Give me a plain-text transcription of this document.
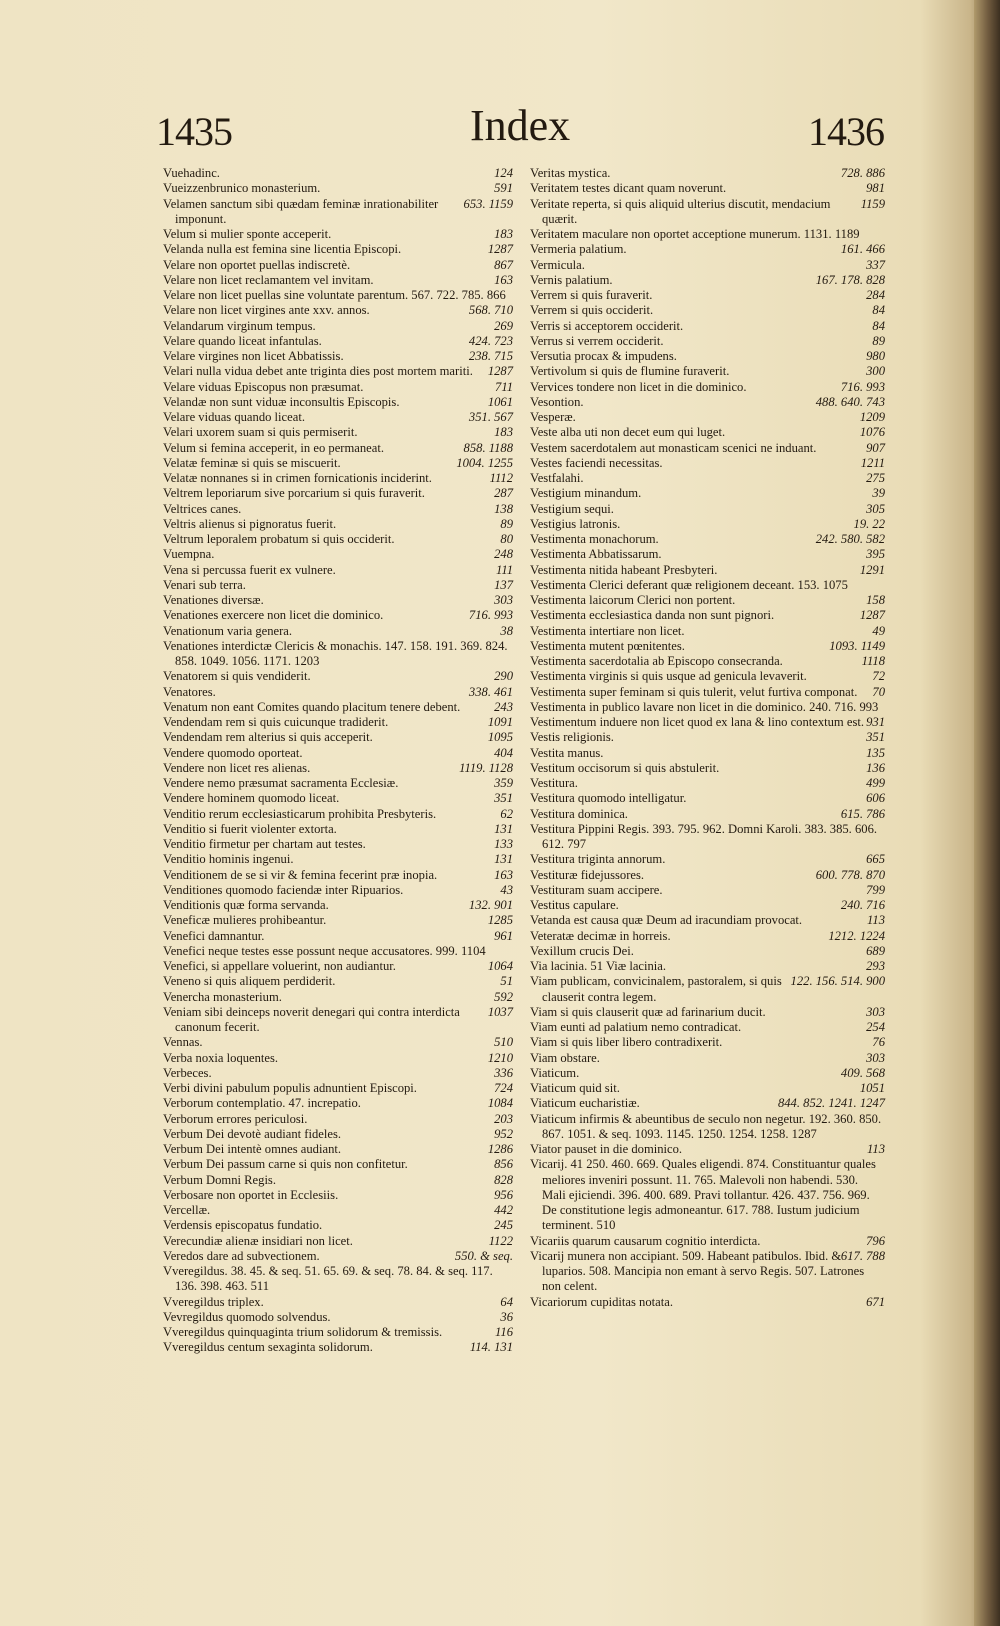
1435	Index	1436
124
Vuehadinc.
591
Vueizzenbrunico monasterium.
653. 1159
Velamen sanctum sibi quædam feminæ inrationabiliter imponunt.
183
Velum si mulier sponte acceperit.
1287
Velanda nulla est femina sine licentia Episcopi.
867
Velare non oportet puellas indiscretè.
163
Velare non licet reclamantem vel invitam.
Velare non licet puellas sine voluntate parentum. 567. 722. 785. 866
568. 710
Velare non licet virgines ante xxv. annos.
269
Velandarum virginum tempus.
424. 723
Velare quando liceat infantulas.
238. 715
Velare virgines non licet Abbatissis.
1287
Velari nulla vidua debet ante triginta dies post mortem mariti.
711
Velare viduas Episcopus non præsumat.
1061
Velandæ non sunt viduæ inconsultis Episcopis.
351. 567
Velare viduas quando liceat.
183
Velari uxorem suam si quis permiserit.
858. 1188
Velum si femina acceperit, in eo permaneat.
1004. 1255
Velatæ feminæ si quis se miscuerit.
1112
Velatæ nonnanes si in crimen fornicationis inciderint.
287
Veltrem leporiarum sive porcarium si quis furaverit.
138
Veltrices canes.
89
Veltris alienus si pignoratus fuerit.
80
Veltrum leporalem probatum si quis occiderit.
248
Vuempna.
111
Vena si percussa fuerit ex vulnere.
137
Venari sub terra.
303
Venationes diversæ.
716. 993
Venationes exercere non licet die dominico.
38
Venationum varia genera.
Venationes interdictæ Clericis & monachis. 147. 158. 191. 369. 824. 858. 1049. 1056. 1171. 1203
290
Venatorem si quis vendiderit.
338. 461
Venatores.
243
Venatum non eant Comites quando placitum tenere debent.
1091
Vendendam rem si quis cuicunque tradiderit.
1095
Vendendam rem alterius si quis acceperit.
404
Vendere quomodo oporteat.
1119. 1128
Vendere non licet res alienas.
359
Vendere nemo præsumat sacramenta Ecclesiæ.
351
Vendere hominem quomodo liceat.
62
Venditio rerum ecclesiasticarum prohibita Presbyteris.
131
Venditio si fuerit violenter extorta.
133
Venditio firmetur per chartam aut testes.
131
Venditio hominis ingenui.
163
Venditionem de se si vir & femina fecerint præ inopia.
43
Venditiones quomodo faciendæ inter Ripuarios.
132. 901
Venditionis quæ forma servanda.
1285
Veneficæ mulieres prohibeantur.
961
Venefici damnantur.
Venefici neque testes esse possunt neque accusatores. 999. 1104
1064
Venefici, si appellare voluerint, non audiantur.
51
Veneno si quis aliquem perdiderit.
592
Venercha monasterium.
1037
Veniam sibi deinceps noverit denegari qui contra interdicta canonum fecerit.
510
Vennas.
1210
Verba noxia loquentes.
336
Verbeces.
724
Verbi divini pabulum populis adnuntient Episcopi.
1084
Verborum contemplatio. 47. increpatio.
203
Verborum errores periculosi.
952
Verbum Dei devotè audiant fideles.
1286
Verbum Dei intentè omnes audiant.
856
Verbum Dei passum carne si quis non confitetur.
828
Verbum Domni Regis.
956
Verbosare non oportet in Ecclesiis.
442
Vercellæ.
245
Verdensis episcopatus fundatio.
1122
Verecundiæ alienæ insidiari non licet.
550. & seq.
Veredos dare ad subvectionem.
Vveregildus. 38. 45. & seq. 51. 65. 69. & seq. 78. 84. & seq. 117. 136. 398. 463. 511
64
Vveregildus triplex.
36
Vevregildus quomodo solvendus.
116
Vveregildus quinquaginta trium solidorum & tremissis.
114. 131
Vveregildus centum sexaginta solidorum.
728. 886
Veritas mystica.
981
Veritatem testes dicant quam noverunt.
1159
Veritate reperta, si quis aliquid ulterius discutit, mendacium quærit.
Veritatem maculare non oportet acceptione munerum. 1131. 1189
161. 466
Vermeria palatium.
337
Vermicula.
167. 178. 828
Vernis palatium.
284
Verrem si quis furaverit.
84
Verrem si quis occiderit.
84
Verris si acceptorem occiderit.
89
Verrus si verrem occiderit.
980
Versutia procax & impudens.
300
Vertivolum si quis de flumine furaverit.
716. 993
Vervices tondere non licet in die dominico.
488. 640. 743
Vesontion.
1209
Vesperæ.
1076
Veste alba uti non decet eum qui luget.
907
Vestem sacerdotalem aut monasticam scenici ne induant.
1211
Vestes faciendi necessitas.
275
Vestfalahi.
39
Vestigium minandum.
305
Vestigium sequi.
19. 22
Vestigius latronis.
242. 580. 582
Vestimenta monachorum.
395
Vestimenta Abbatissarum.
1291
Vestimenta nitida habeant Presbyteri.
Vestimenta Clerici deferant quæ religionem deceant. 153. 1075
158
Vestimenta laicorum Clerici non portent.
1287
Vestimenta ecclesiastica danda non sunt pignori.
49
Vestimenta intertiare non licet.
1093. 1149
Vestimenta mutent pœnitentes.
1118
Vestimenta sacerdotalia ab Episcopo consecranda.
72
Vestimenta virginis si quis usque ad genicula levaverit.
70
Vestimenta super feminam si quis tulerit, velut furtiva componat.
Vestimenta in publico lavare non licet in die dominico. 240. 716. 993
931
Vestimentum induere non licet quod ex lana & lino contextum est.
351
Vestis religionis.
135
Vestita manus.
136
Vestitum occisorum si quis abstulerit.
499
Vestitura.
606
Vestitura quomodo intelligatur.
615. 786
Vestitura dominica.
Vestitura Pippini Regis. 393. 795. 962. Domni Karoli. 383. 385. 606. 612. 797
665
Vestitura triginta annorum.
600. 778. 870
Vestituræ fidejussores.
799
Vestituram suam accipere.
240. 716
Vestitus capulare.
113
Vetanda est causa quæ Deum ad iracundiam provocat.
1212. 1224
Veteratæ decimæ in horreis.
689
Vexillum crucis Dei.
293
Via lacinia. 51 Viæ lacinia.
122. 156. 514. 900
Viam publicam, convicinalem, pastoralem, si quis clauserit contra legem.
303
Viam si quis clauserit quæ ad farinarium ducit.
254
Viam eunti ad palatium nemo contradicat.
76
Viam si quis liber libero contradixerit.
303
Viam obstare.
409. 568
Viaticum.
1051
Viaticum quid sit.
844. 852. 1241. 1247
Viaticum eucharistiæ.
Viaticum infirmis & abeuntibus de seculo non negetur. 192. 360. 850. 867. 1051. & seq. 1093. 1145. 1250. 1254. 1258. 1287
113
Viator pauset in die dominico.
Vicarij. 41 250. 460. 669. Quales eligendi. 874. Constituantur quales meliores inveniri possunt. 11. 765. Malevoli non habendi. 530. Mali ejiciendi. 396. 400. 689. Pravi tollantur. 426. 437. 756. 969. De constitutione legis admoneantur. 617. 788. Iustum judicium terminent. 510
796
Vicariis quarum causarum cognitio interdicta.
617. 788
Vicarij munera non accipiant. 509. Habeant patibulos. Ibid. & luparios. 508. Mancipia non emant à servo Regis. 507. Latrones non celent.
671
Vicariorum cupiditas notata.
